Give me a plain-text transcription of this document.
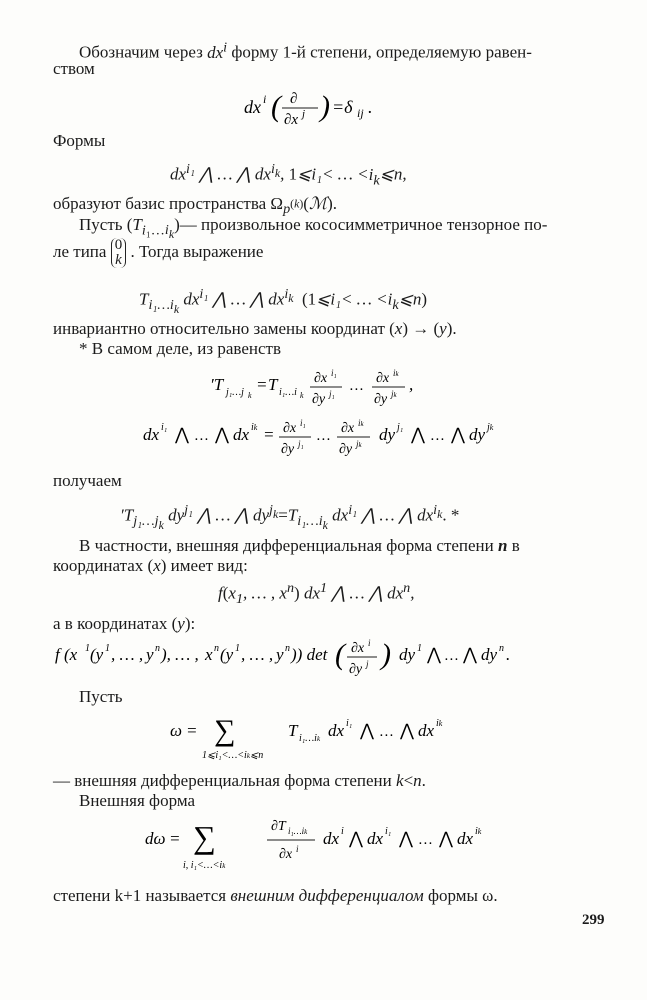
Обозначим через $dx^i$ форму 1-й степени, определяемую равен-
ством
dx i ( ∂
∂x j ) =δ ij .
Формы
$dx^{i_1}$ ⋀ … ⋀ $dx^{i_k}$, 1⩽i₁< … $<i_k⩽n$,
образуют базис пространства $\Omega_{p^{(k)}}(ℳ)$.
Пусть $(T_{i_1\dots i_k})—$ произвольное кососимметричное тензорное по-
ле типа 0
k . Тогда выражение
$T_{i_1\dots i_k}$ $dx^{i_1}$ ⋀ … ⋀ $dx^{i_k}$ (1⩽i₁< … $<i_k⩽n$)
инвариантно относительно замены координат (x) → (y).
* В самом деле, из равенств
′T j₁…j k
= T i₁…i k
∂x i₁
∂y j₁ … ∂x ik
∂y jk
,
dx i₁ ⋀ … ⋀ dx ik = ∂x i₁
∂y j₁ … ∂x ik
∂y jk
dy j₁ ⋀ … ⋀ dy jk
получаем
$'T_{j_1\dots j_k}$ $dy^{j_1}$ ⋀ … ⋀ $dy^{j_k}=T_{i_1\dots i_k}$ $dx^{i_1}$ ⋀ … ⋀ $dx^{i_k}$. *
В частности, внешняя дифференциальная форма степени n в
координатах (x) имеет вид:
$f(x_1$, … , $x^n$) $dx^1$ ⋀ … ⋀ $dx^n$,
а в координатах (y):
f (x 1 (y 1 , … , y n ), … , x n (y 1 , … , y n )) det ( ∂x i
∂y j ) dy 1 ⋀ … ⋀ dy n .
Пусть
ω = ∑
1⩽i₁<…<ik⩽n
T i₁…ik dx i₁ ⋀ … ⋀ dx ik
— внешняя дифференциальная форма степени k<n.
Внешняя форма
dω = ∑
i, i₁<…<ik
∂T i₁…ik
∂x i
dx i ⋀ dx i₁ ⋀ … ⋀ dx ik
степени k+1 называется внешним дифференциалом формы ω.
299
